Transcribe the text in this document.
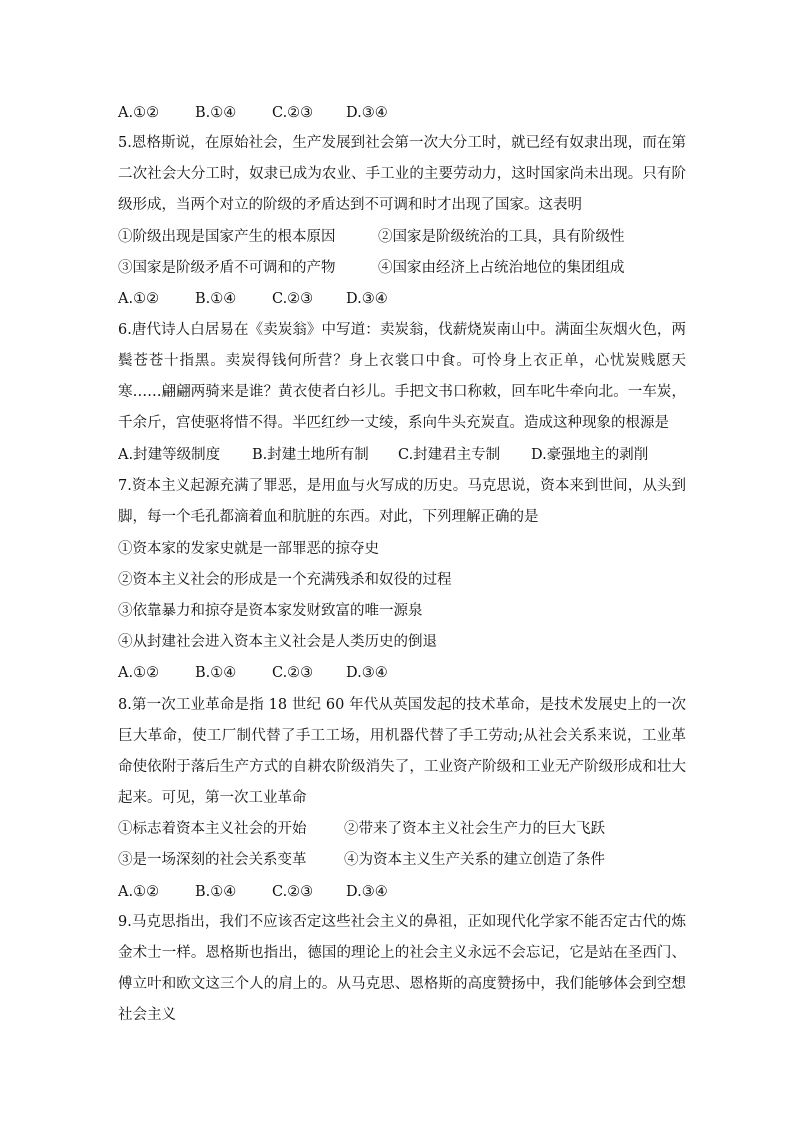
A.①② B.①④ C.②③ D.③④
5.恩格斯说，在原始社会，生产发展到社会第一次大分工时，就已经有奴隶出现，而在第二次社会大分工时，奴隶已成为农业、手工业的主要劳动力，这时国家尚未出现。只有阶级形成，当两个对立的阶级的矛盾达到不可调和时才出现了国家。这表明
①阶级出现是国家产生的根本原因	②国家是阶级统治的工具，具有阶级性
③国家是阶级矛盾不可调和的产物	④国家由经济上占统治地位的集团组成
A.①② B.①④ C.②③ D.③④
6.唐代诗人白居易在《卖炭翁》中写道：卖炭翁，伐薪烧炭南山中。满面尘灰烟火色，两鬓苍苍十指黑。卖炭得钱何所营？身上衣裳口中食。可怜身上衣正单，心忧炭贱愿天寒……翩翩两骑来是谁？黄衣使者白衫儿。手把文书口称敕，回车叱牛牵向北。一车炭，千余斤，宫使驱将惜不得。半匹红纱一丈绫，系向牛头充炭直。造成这种现象的根源是
A.封建等级制度 B.封建土地所有制 C.封建君主专制 D.豪强地主的剥削
7.资本主义起源充满了罪恶，是用血与火写成的历史。马克思说，资本来到世间，从头到脚，每一个毛孔都滴着血和肮脏的东西。对此，下列理解正确的是
①资本家的发家史就是一部罪恶的掠夺史
②资本主义社会的形成是一个充满残杀和奴役的过程
③依靠暴力和掠夺是资本家发财致富的唯一源泉
④从封建社会进入资本主义社会是人类历史的倒退
A.①② B.①④ C.②③ D.③④
8.第一次工业革命是指 18 世纪 60 年代从英国发起的技术革命，是技术发展史上的一次巨大革命，使工厂制代替了手工工场，用机器代替了手工劳动;从社会关系来说，工业革命使依附于落后生产方式的自耕农阶级消失了，工业资产阶级和工业无产阶级形成和壮大起来。可见，第一次工业革命
①标志着资本主义社会的开始	②带来了资本主义社会生产力的巨大飞跃
③是一场深刻的社会关系变革	④为资本主义生产关系的建立创造了条件
A.①② B.①④ C.②③ D.③④
9.马克思指出，我们不应该否定这些社会主义的鼻祖，正如现代化学家不能否定古代的炼金术士一样。恩格斯也指出，德国的理论上的社会主义永远不会忘记，它是站在圣西门、傅立叶和欧文这三个人的肩上的。从马克思、恩格斯的高度赞扬中，我们能够体会到空想社会主义
